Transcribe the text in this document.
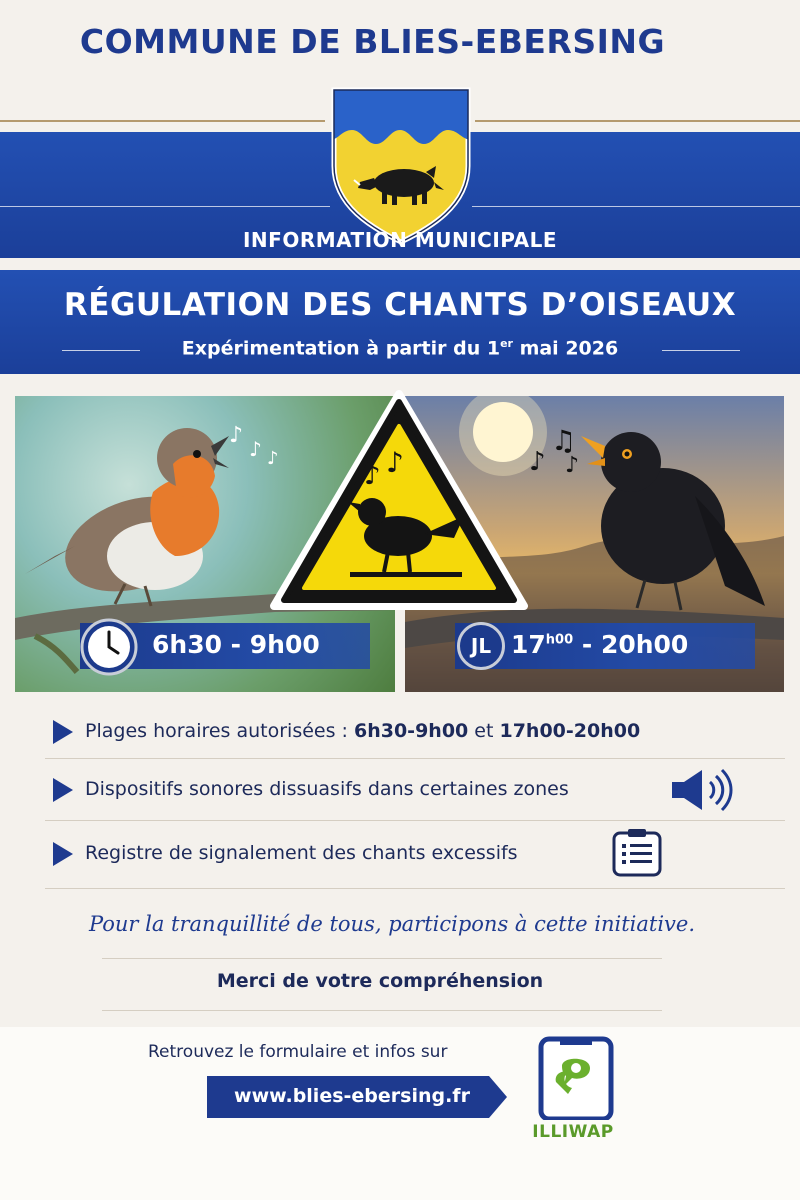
COMMUNE DE BLIES-EBERSING
INFORMATION MUNICIPALE
RÉGULATION DES CHANTS D’OISEAUX
Expérimentation à partir du 1er mai 2026
♪
♪ ♪	♪
♫
♪
♪ ♪
6h30 - 9h00	$17^{h00} - 20h00$
JL
Plages horaires autorisées : 6h30-9h00 et 17h00-20h00
Dispositifs sonores dissuasifs dans certaines zones
Registre de signalement des chants excessifs
Pour la tranquillité de tous, participons à cette initiative.
Merci de votre compréhension
Retrouvez le formulaire et infos sur
www.blies-ebersing.fr
ILLIWAP
